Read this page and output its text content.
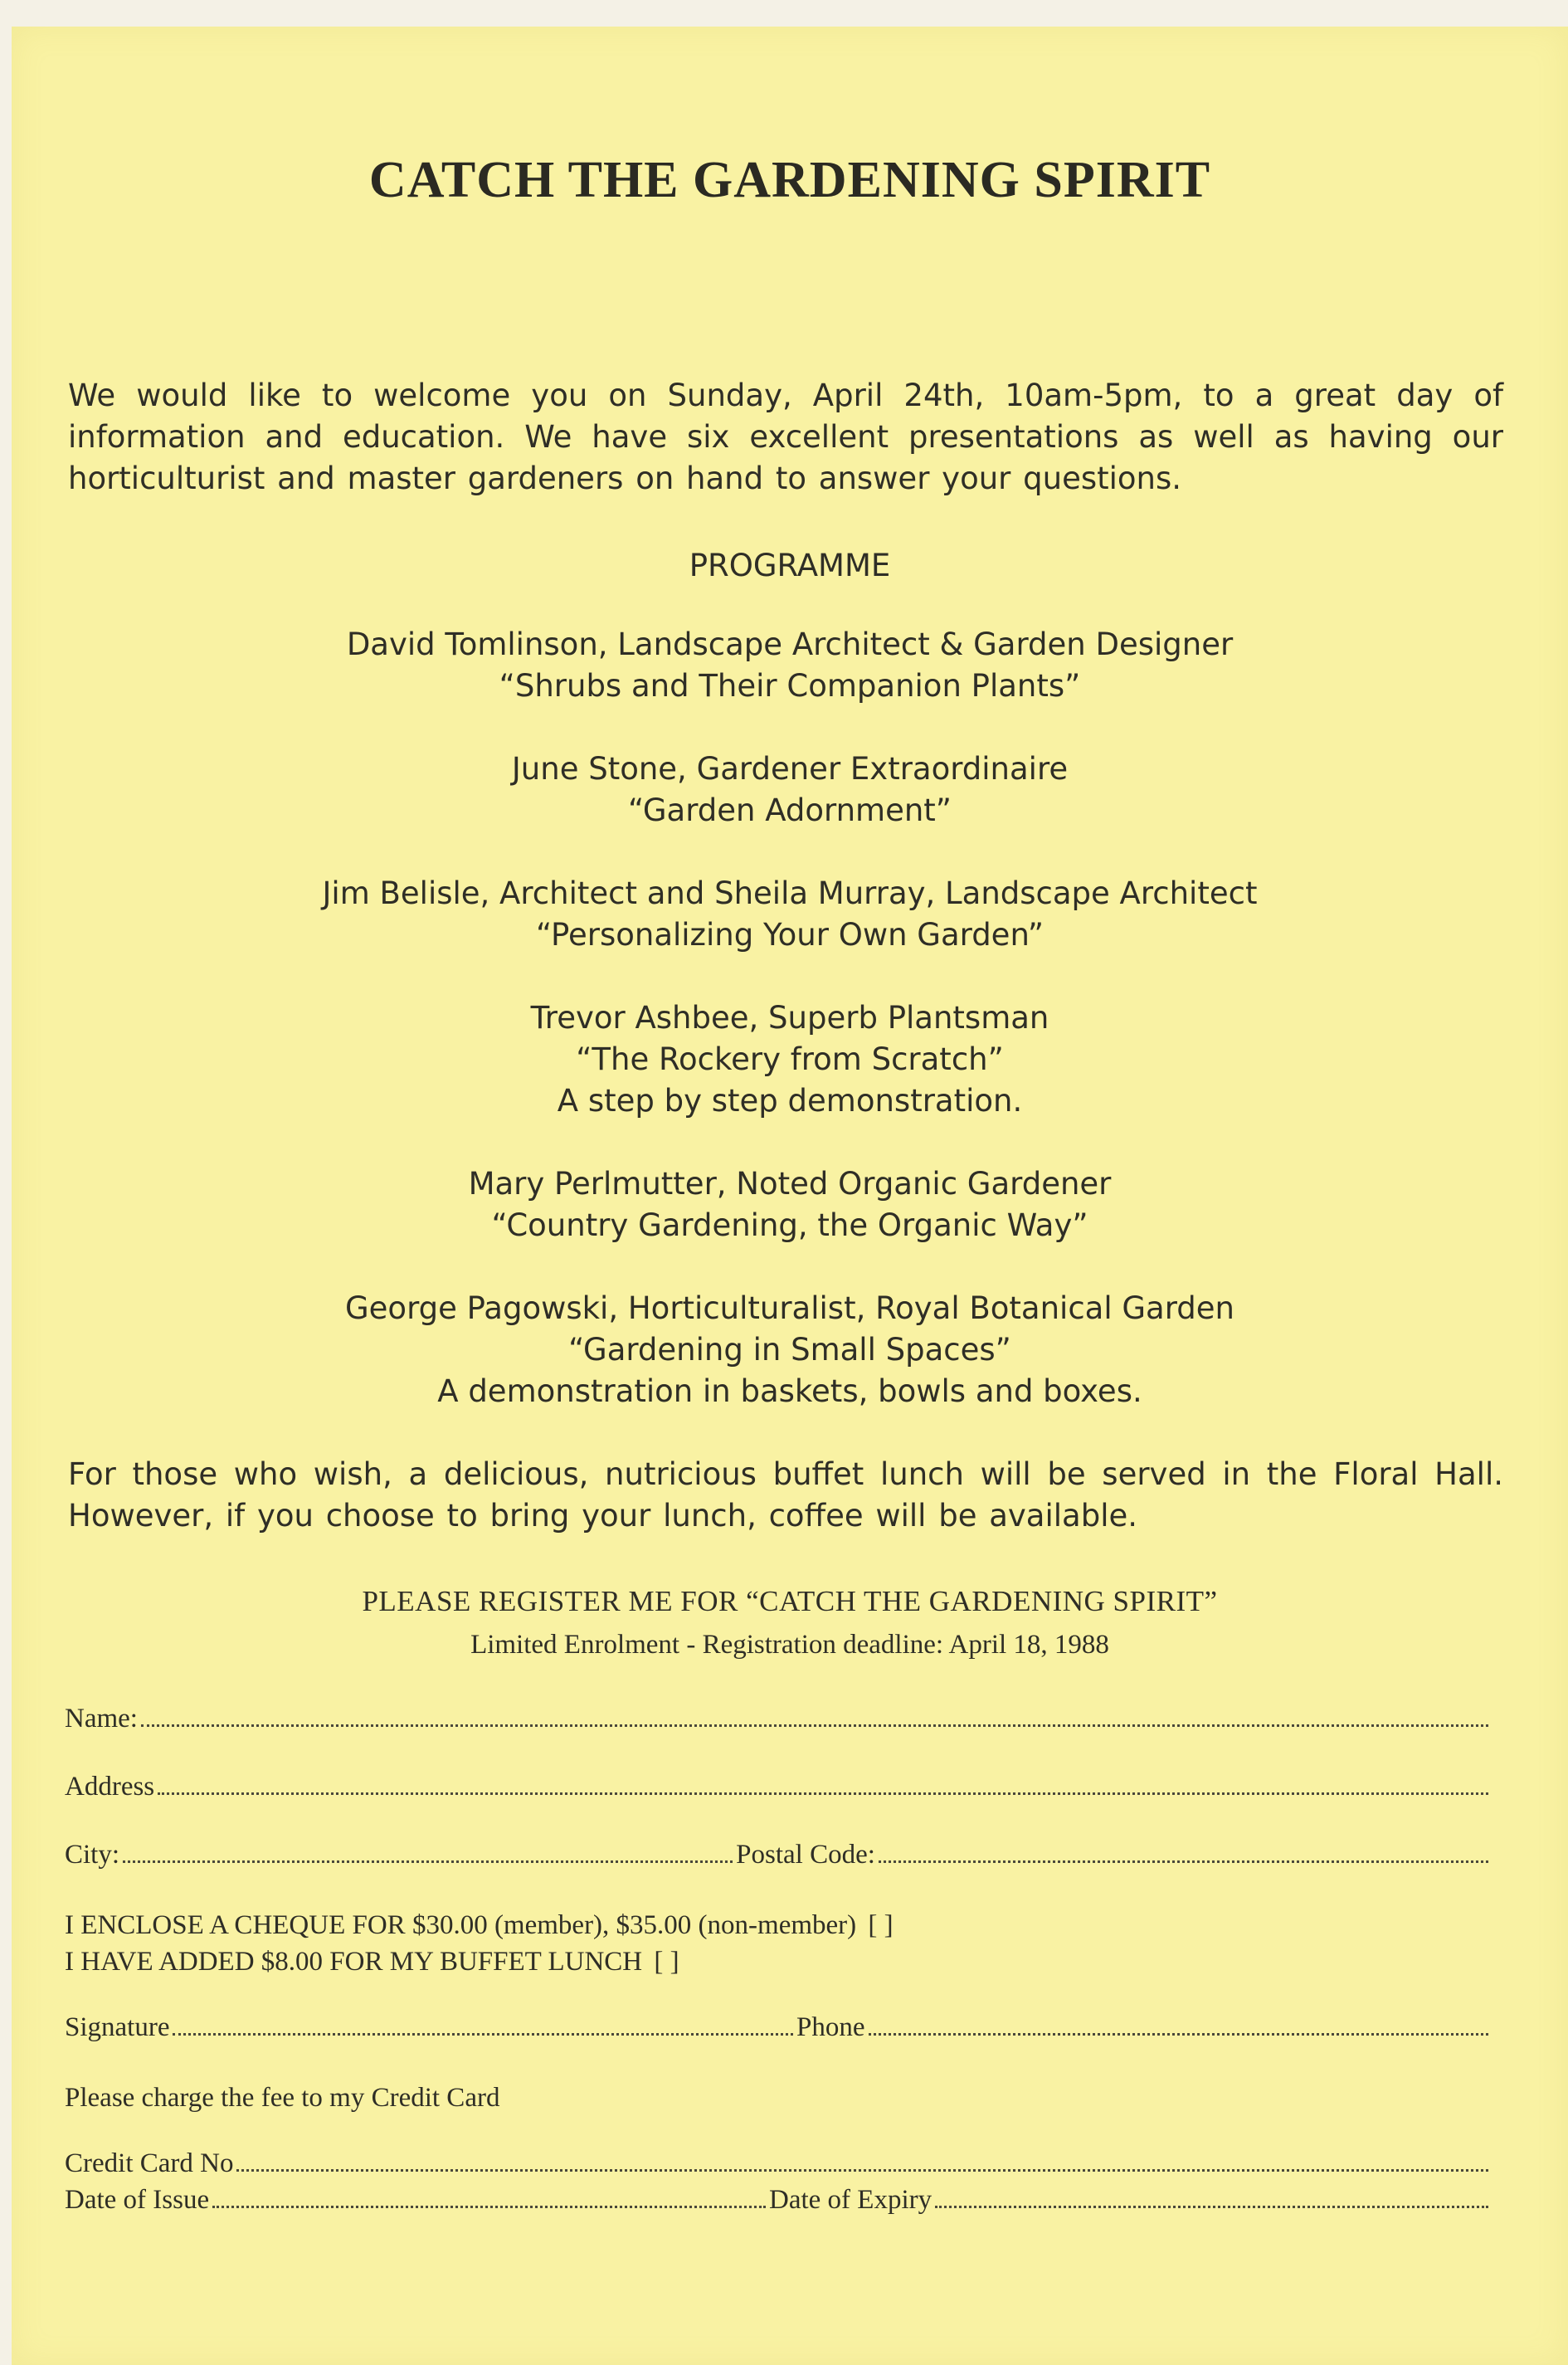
CATCH THE GARDENING SPIRIT
We would like to welcome you on Sunday, April 24th, 10am-5pm, to a great day of information and education. We have six excellent presentations as well as having our horticulturist and master gardeners on hand to answer your questions.
PROGRAMME
David Tomlinson, Landscape Architect & Garden Designer
“Shrubs and Their Companion Plants”
June Stone, Gardener Extraordinaire
“Garden Adornment”
Jim Belisle, Architect and Sheila Murray, Landscape Architect
“Personalizing Your Own Garden”
Trevor Ashbee, Superb Plantsman
“The Rockery from Scratch”
A step by step demonstration.
Mary Perlmutter, Noted Organic Gardener
“Country Gardening, the Organic Way”
George Pagowski, Horticulturalist, Royal Botanical Garden
“Gardening in Small Spaces”
A demonstration in baskets, bowls and boxes.
For those who wish, a delicious, nutricious buffet lunch will be served in the Floral Hall. However, if you choose to bring your lunch, coffee will be available.
PLEASE REGISTER ME FOR “CATCH THE GARDENING SPIRIT”
Limited Enrolment - Registration deadline: April 18, 1988
Name:
Address
City:	Postal Code:
I ENCLOSE A CHEQUE FOR $30.00 (member), $35.00 (non-member) [ ]
I HAVE ADDED $8.00 FOR MY BUFFET LUNCH [ ]
Signature	Phone
Please charge the fee to my Credit Card
Credit Card No
Date of Issue	Date of Expiry
